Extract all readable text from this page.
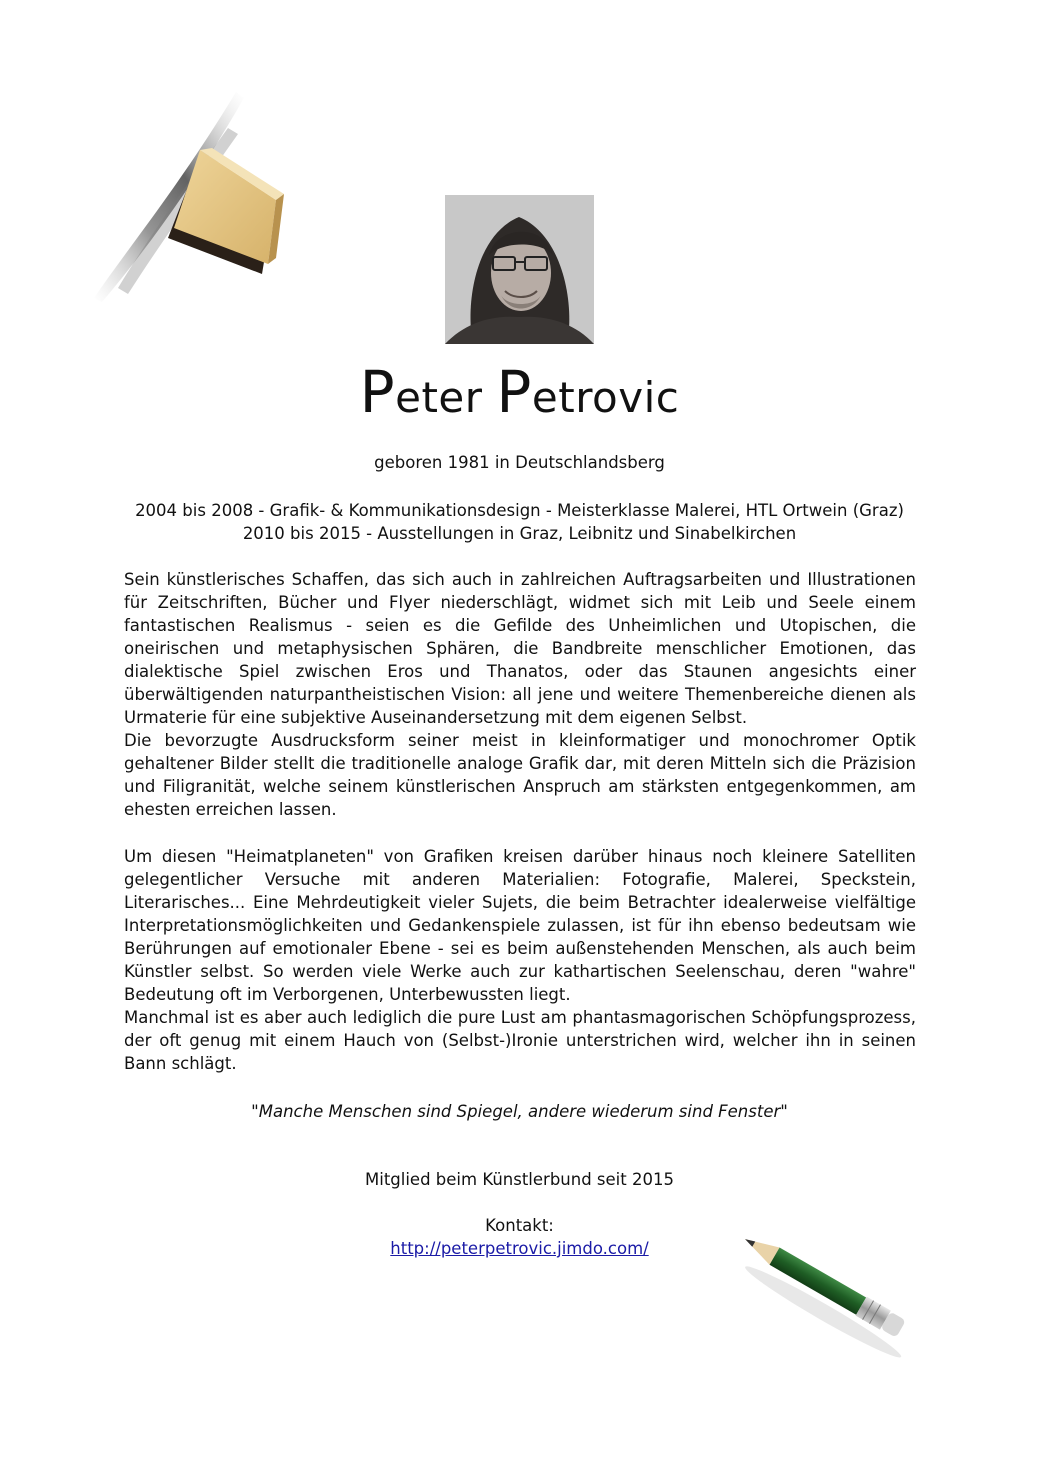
Peter Petrovic
geboren 1981 in Deutschlandsberg
2004 bis 2008 - Grafik- & Kommunikationsdesign - Meisterklasse Malerei, HTL Ortwein (Graz)
2010 bis 2015 - Ausstellungen in Graz, Leibnitz und Sinabelkirchen

Sein künstlerisches Schaffen, das sich auch in zahlreichen Auftragsarbeiten und Illustrationen für Zeitschriften, Bücher und Flyer niederschlägt, widmet sich mit Leib und Seele einem fantastischen Realismus - seien es die Gefilde des Unheimlichen und Utopischen, die oneirischen und metaphysischen Sphären, die Bandbreite menschlicher Emotionen, das dialektische Spiel zwischen Eros und Thanatos, oder das Staunen angesichts einer überwältigenden naturpantheistischen Vision: all jene und weitere Themenbereiche dienen als Urmaterie für eine subjektive Auseinandersetzung mit dem eigenen Selbst.

Die bevorzugte Ausdrucksform seiner meist in kleinformatiger und monochromer Optik gehaltener Bilder stellt die traditionelle analoge Grafik dar, mit deren Mitteln sich die Präzision und Filigranität, welche seinem künstlerischen Anspruch am stärksten entgegenkommen, am ehesten erreichen lassen.

Um diesen "Heimatplaneten" von Grafiken kreisen darüber hinaus noch kleinere Satelliten gelegentlicher Versuche mit anderen Materialien: Fotografie, Malerei, Speckstein, Literarisches... Eine Mehrdeutigkeit vieler Sujets, die beim Betrachter idealerweise vielfältige Interpretationsmöglichkeiten und Gedankenspiele zulassen, ist für ihn ebenso bedeutsam wie Berührungen auf emotionaler Ebene - sei es beim außenstehenden Menschen, als auch beim Künstler selbst. So werden viele Werke auch zur kathartischen Seelenschau, deren "wahre" Bedeutung oft im Verborgenen, Unterbewussten liegt.

Manchmal ist es aber auch lediglich die pure Lust am phantasmagorischen Schöpfungsprozess, der oft genug mit einem Hauch von (Selbst-)Ironie unterstrichen wird, welcher ihn in seinen Bann schlägt.

"Manche Menschen sind Spiegel, andere wiederum sind Fenster"
Mitglied beim Künstlerbund seit 2015
Kontakt:
http://peterpetrovic.jimdo.com/
